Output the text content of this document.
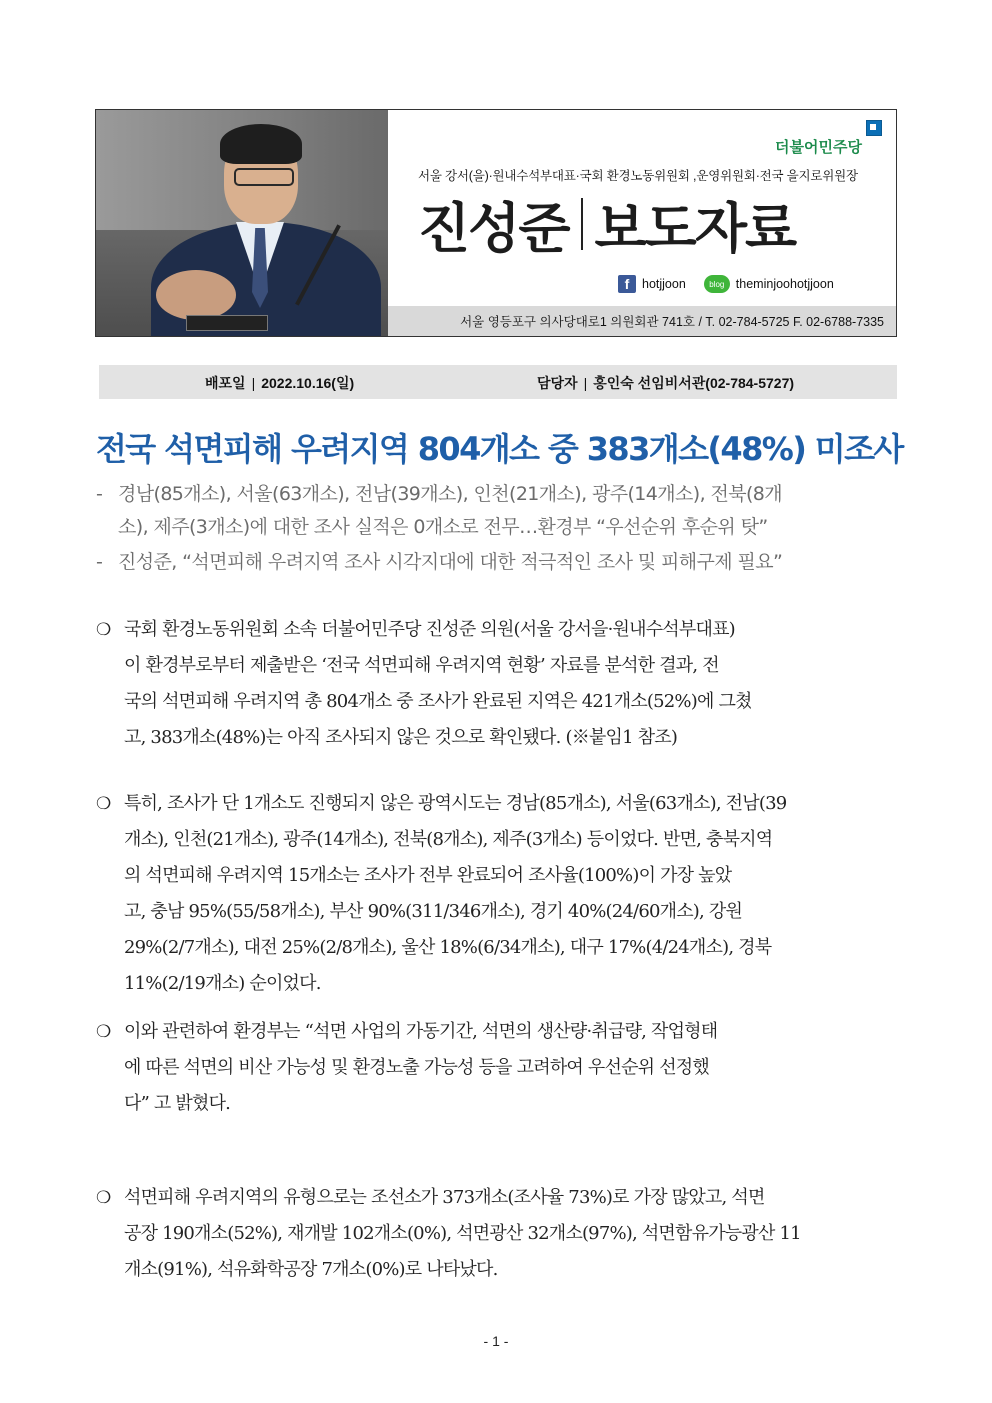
더불어민주당
서울 강서(을)·원내수석부대표·국회 환경노동위원회 ,운영위원회·전국 을지로위원장
진성준 보도자료
f	hotjjoon	blog theminjoohotjjoon
서울 영등포구 의사당대로1 의원회관 741호 / T. 02-784-5725 F. 02-6788-7335
배포일 | 2022.10.16(일)	담당자 | 홍인숙 선임비서관(02-784-5727)
전국 석면피해 우려지역 804개소 중 383개소(48%) 미조사
- 경남(85개소), 서울(63개소), 전남(39개소), 인천(21개소), 광주(14개소), 전북(8개
소), 제주(3개소)에 대한 조사 실적은 0개소로 전무…환경부 “우선순위 후순위 탓”
- 진성준, “석면피해 우려지역 조사 시각지대에 대한 적극적인 조사 및 피해구제 필요”
❍ 국회 환경노동위원회 소속 더불어민주당 진성준 의원(서울 강서을·원내수석부대표)
이 환경부로부터 제출받은 ‘전국 석면피해 우려지역 현황’ 자료를 분석한 결과, 전
국의 석면피해 우려지역 총 804개소 중 조사가 완료된 지역은 421개소(52%)에 그쳤
고, 383개소(48%)는 아직 조사되지 않은 것으로 확인됐다. (※붙임1 참조)
❍ 특히, 조사가 단 1개소도 진행되지 않은 광역시도는 경남(85개소), 서울(63개소), 전남(39
개소), 인천(21개소), 광주(14개소), 전북(8개소), 제주(3개소) 등이었다. 반면, 충북지역
의 석면피해 우려지역 15개소는 조사가 전부 완료되어 조사율(100%)이 가장 높았
고, 충남 95%(55/58개소), 부산 90%(311/346개소), 경기 40%(24/60개소), 강원
29%(2/7개소), 대전 25%(2/8개소), 울산 18%(6/34개소), 대구 17%(4/24개소), 경북
11%(2/19개소) 순이었다.
❍ 이와 관련하여 환경부는 “석면 사업의 가동기간, 석면의 생산량·취급량, 작업형태
에 따른 석면의 비산 가능성 및 환경노출 가능성 등을 고려하여 우선순위 선정했
다” 고 밝혔다.
❍ 석면피해 우려지역의 유형으로는 조선소가 373개소(조사율 73%)로 가장 많았고, 석면
공장 190개소(52%), 재개발 102개소(0%), 석면광산 32개소(97%), 석면함유가능광산 11
개소(91%), 석유화학공장 7개소(0%)로 나타났다.
- 1 -
